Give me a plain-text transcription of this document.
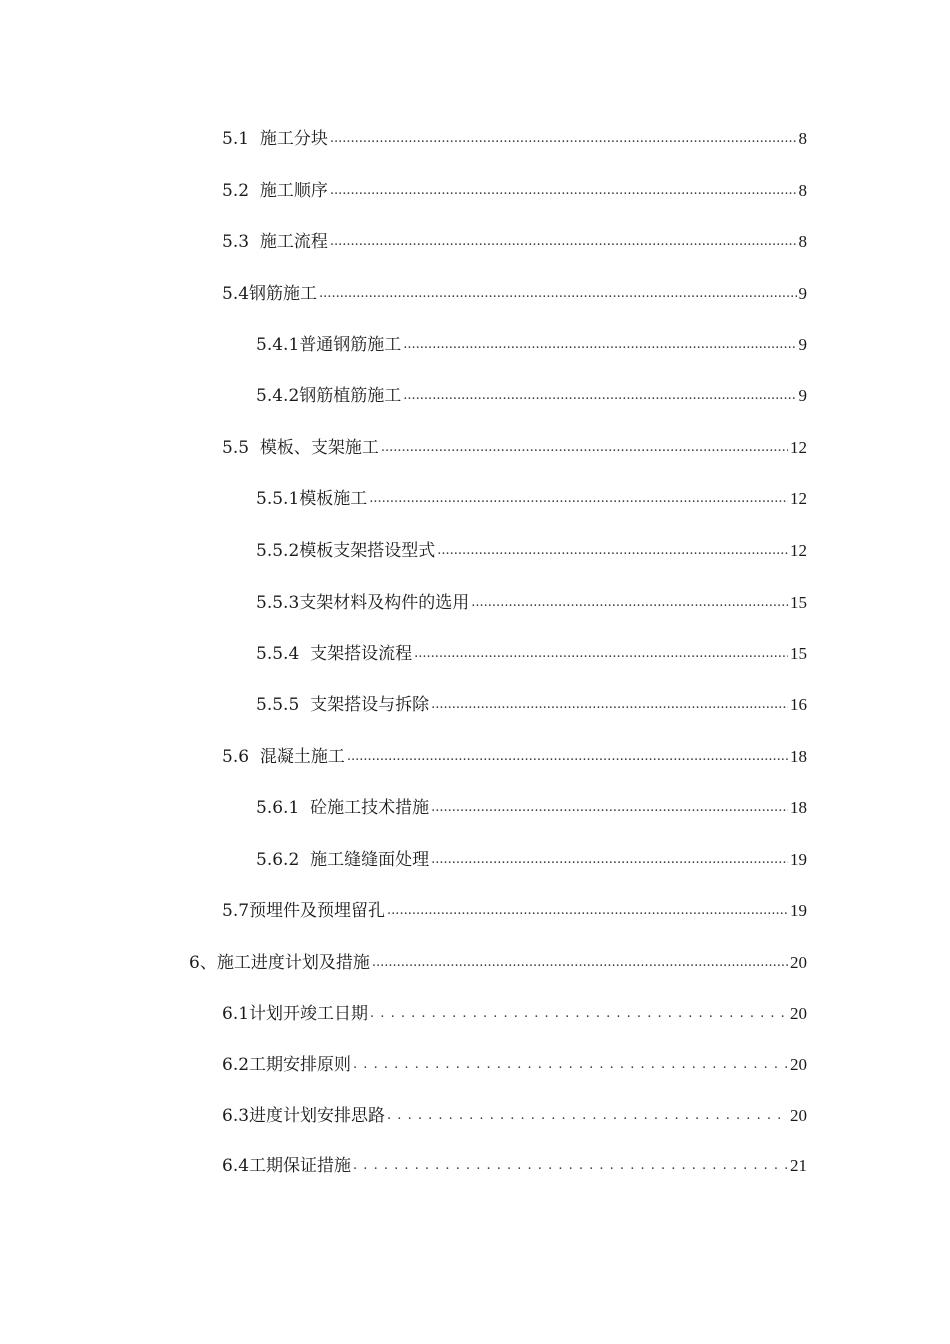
5.1  施工分块 .....	8
5.2  施工顺序 .....	8
5.3  施工流程 .....	8
5.4钢筋施工 .....	9
5.4.1普通钢筋施工 .....	9
5.4.2钢筋植筋施工 .....	9
5.5  模板、支架施工 .....	12
5.5.1模板施工 .....	12
5.5.2模板支架搭设型式 .....	12
5.5.3支架材料及构件的选用 .....	15
5.5.4  支架搭设流程 .....	15
5.5.5  支架搭设与拆除 .....	16
5.6  混凝土施工 .....	18
5.6.1  砼施工技术措施 .....	18
5.6.2  施工缝缝面处理 .....	19
5.7预埋件及预埋留孔 .....	19
6、施工进度计划及措施 .....	20
6.1计划开竣工日期 . . .	20
6.2工期安排原则 . . .	20
6.3进度计划安排思路 . . .	20
6.4工期保证措施 . . .	21
